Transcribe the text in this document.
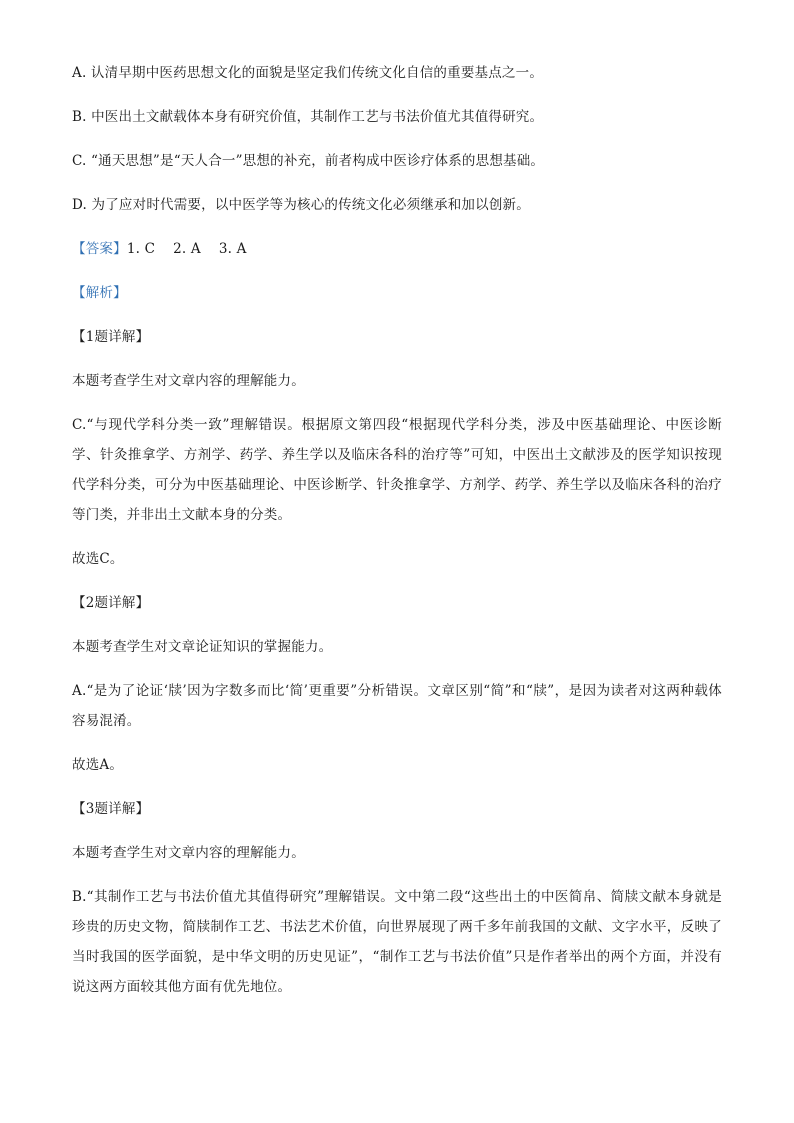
A. 认清早期中医药思想文化的面貌是坚定我们传统文化自信的重要基点之一。

B. 中医出土文献载体本身有研究价值，其制作工艺与书法价值尤其值得研究。

C. “通天思想”是“天人合一”思想的补充，前者构成中医诊疗体系的思想基础。

D. 为了应对时代需要，以中医学等为核心的传统文化必须继承和加以创新。

【答案】1. C 2. A 3. A

【解析】

【1题详解】

本题考查学生对文章内容的理解能力。

C.“与现代学科分类一致”理解错误。根据原文第四段“根据现代学科分类，涉及中医基础理论、中医诊断学、针灸推拿学、方剂学、药学、养生学以及临床各科的治疗等”可知，中医出土文献涉及的医学知识按现代学科分类，可分为中医基础理论、中医诊断学、针灸推拿学、方剂学、药学、养生学以及临床各科的治疗等门类，并非出土文献本身的分类。

故选C。

【2题详解】

本题考查学生对文章论证知识的掌握能力。

A.“是为了论证‘牍’因为字数多而比‘简’更重要”分析错误。文章区别“简”和“牍”，是因为读者对这两种载体容易混淆。

故选A。

【3题详解】

本题考查学生对文章内容的理解能力。

B.“其制作工艺与书法价值尤其值得研究”理解错误。文中第二段“这些出土的中医简帛、简牍文献本身就是珍贵的历史文物，简牍制作工艺、书法艺术价值，向世界展现了两千多年前我国的文献、文字水平，反映了当时我国的医学面貌，是中华文明的历史见证”，“制作工艺与书法价值”只是作者举出的两个方面，并没有说这两方面较其他方面有优先地位。
